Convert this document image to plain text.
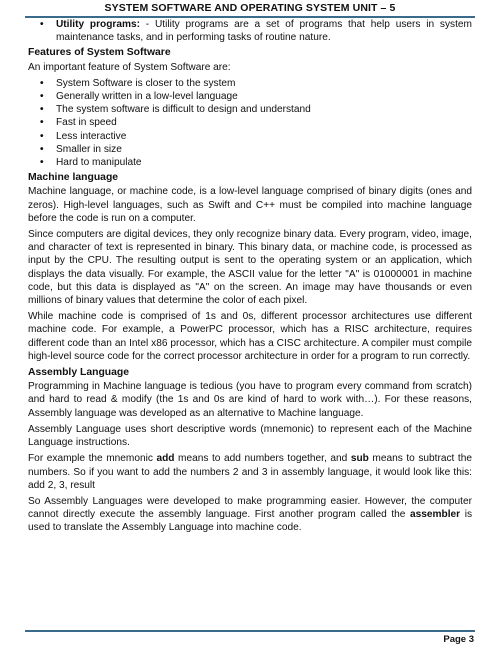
SYSTEM SOFTWARE AND OPERATING SYSTEM UNIT – 5
• Utility programs: - Utility programs are a set of programs that help users in system maintenance tasks, and in performing tasks of routine nature.
Features of System Software

An important feature of System Software are:

• System Software is closer to the system
• Generally written in a low-level language
• The system software is difficult to design and understand
• Fast in speed
• Less interactive
• Smaller in size
• Hard to manipulate
Machine language

Machine language, or machine code, is a low-level language comprised of binary digits (ones and zeros). High-level languages, such as Swift and C++ must be compiled into machine language before the code is run on a computer.

Since computers are digital devices, they only recognize binary data. Every program, video, image, and character of text is represented in binary. This binary data, or machine code, is processed as input by the CPU. The resulting output is sent to the operating system or an application, which displays the data visually. For example, the ASCII value for the letter "A" is 01000001 in machine code, but this data is displayed as "A" on the screen. An image may have thousands or even millions of binary values that determine the color of each pixel.

While machine code is comprised of 1s and 0s, different processor architectures use different machine code. For example, a PowerPC processor, which has a RISC architecture, requires different code than an Intel x86 processor, which has a CISC architecture. A compiler must compile high-level source code for the correct processor architecture in order for a program to run correctly.

Assembly Language

Programming in Machine language is tedious (you have to program every command from scratch) and hard to read & modify (the 1s and 0s are kind of hard to work with…). For these reasons, Assembly language was developed as an alternative to Machine language.

Assembly Language uses short descriptive words (mnemonic) to represent each of the Machine Language instructions.

For example the mnemonic add means to add numbers together, and sub means to subtract the numbers. So if you want to add the numbers 2 and 3 in assembly language, it would look like this: add 2, 3, result

So Assembly Languages were developed to make programming easier. However, the computer cannot directly execute the assembly language. First another program called the assembler is used to translate the Assembly Language into machine code.

Page 3
